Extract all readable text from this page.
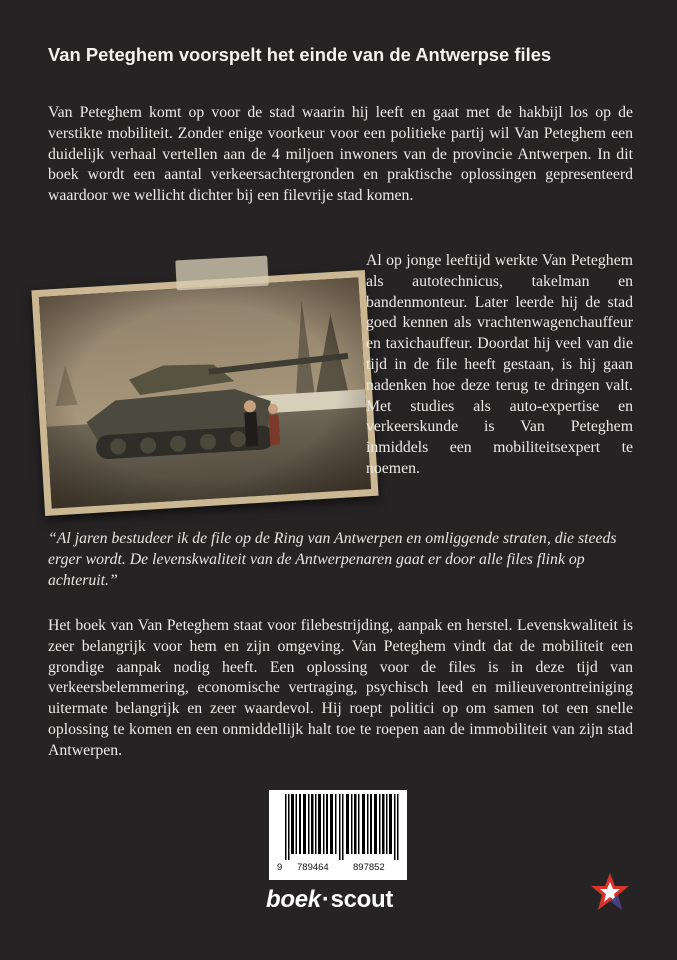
Van Peteghem voorspelt het einde van de Antwerpse files

Van Peteghem komt op voor de stad waarin hij leeft en gaat met de hakbijl los op de verstikte mobiliteit. Zonder enige voorkeur voor een politieke partij wil Van Peteghem een duidelijk verhaal vertellen aan de 4 miljoen inwoners van de provincie Antwerpen. In dit boek wordt een aantal verkeersachtergronden en praktische oplossingen gepresenteerd waardoor we wellicht dichter bij een filevrije stad komen.

Al op jonge leeftijd werkte Van Peteghem als autotechnicus, takelman en bandenmonteur. Later leerde hij de stad goed kennen als vrachtenwagenchauffeur en taxichauffeur. Doordat hij veel van die tijd in de file heeft gestaan, is hij gaan nadenken hoe deze terug te dringen valt. Met studies als auto-expertise en verkeerskunde is Van Peteghem inmiddels een mobiliteitsexpert te noemen.

“Al jaren bestudeer ik de file op de Ring van Antwerpen en omliggende straten, die steeds erger wordt. De levenskwaliteit van de Antwerpenaren gaat er door alle files flink op achteruit.”

Het boek van Van Peteghem staat voor filebestrijding, aanpak en herstel. Levenskwaliteit is zeer belangrijk voor hem en zijn omgeving. Van Peteghem vindt dat de mobiliteit een grondige aanpak nodig heeft. Een oplossing voor de files is in deze tijd van verkeersbelemmering, economische vertraging, psychisch leed en milieuverontreiniging uitermate belangrijk en zeer waardevol. Hij roept politici op om samen tot een snelle oplossing te komen en een onmiddellijk halt toe te roepen aan de immobiliteit van zijn stad Antwerpen.

9 789464	897852
boek·scout
